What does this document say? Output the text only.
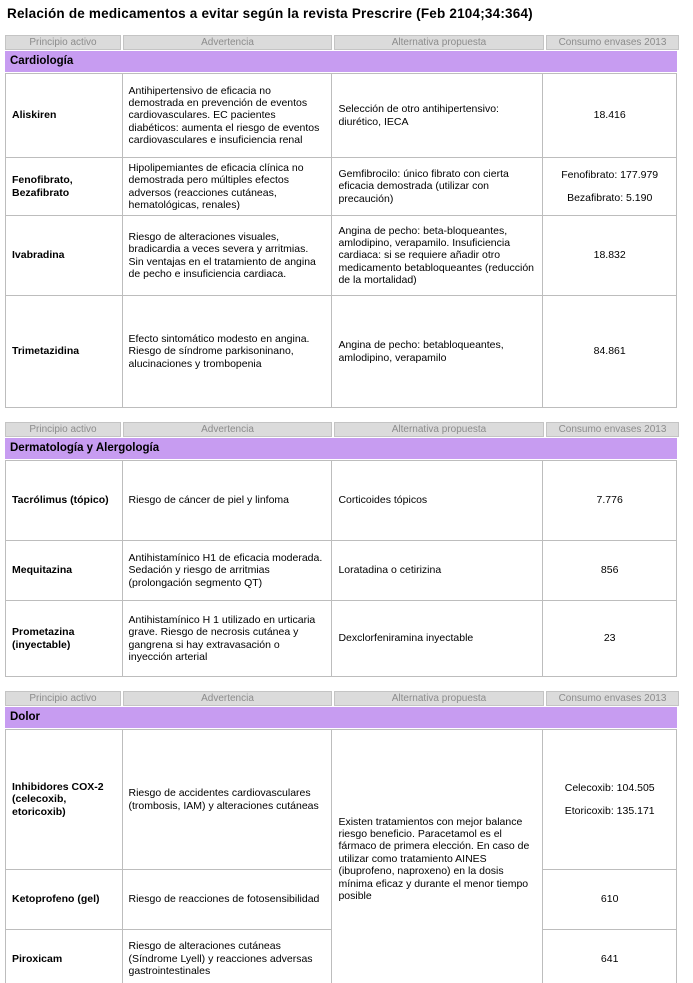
Relación de medicamentos a evitar según la revista Prescrire (Feb 2104;34:364)
Principio activo	Advertencia	Alternativa propuesta	Consumo envases 2013
Cardiología
Aliskiren	Antihipertensivo de eficacia no demostrada en prevención de eventos cardiovasculares. EC pacientes diabéticos: aumenta el riesgo de eventos cardiovasculares e insuficiencia renal	Selección de otro antihipertensivo: diurético, IECA	18.416

Fenofibrato, Bezafibrato	Hipolipemiantes de eficacia clínica no demostrada pero múltiples efectos adversos (reacciones cutáneas, hematológicas, renales)	Gemfibrocilo: único fibrato con cierta eficacia demostrada (utilizar con precaución)	Fenofibrato: 177.979
Bezafibrato: 5.190

Ivabradina	Riesgo de alteraciones visuales, bradicardia a veces severa y arritmias. Sin ventajas en el tratamiento de angina de pecho e insuficiencia cardiaca.	Angina de pecho: beta-bloqueantes, amlodipino, verapamilo. Insuficiencia cardiaca: si se requiere añadir otro medicamento betabloqueantes (reducción de la mortalidad)	18.832

Trimetazidina	Efecto sintomático modesto en angina. Riesgo de síndrome parkisoninano, alucinaciones y trombopenia	Angina de pecho: betabloqueantes, amlodipino, verapamilo	84.861
Principio activo	Advertencia	Alternativa propuesta	Consumo envases 2013
Dermatología y Alergología
Tacrólimus (tópico)	Riesgo de cáncer de piel y linfoma	Corticoides tópicos	7.776

Mequitazina	Antihistamínico H1 de eficacia moderada. Sedación y riesgo de arritmias (prolongación segmento QT)	Loratadina o cetirizina	856

Prometazina (inyectable)	Antihistamínico H 1 utilizado en urticaria grave. Riesgo de necrosis cutánea y gangrena si hay extravasación o inyección arterial	Dexclorfeniramina inyectable	23
Principio activo	Advertencia	Alternativa propuesta	Consumo envases 2013
Dolor
Inhibidores COX-2 (celecoxib, etoricoxib)	Riesgo de accidentes cardiovasculares (trombosis, IAM) y alteraciones cutáneas	Existen tratamientos con mejor balance riesgo beneficio. Paracetamol es el fármaco de primera elección. En caso de utilizar como tratamiento AINES (ibuprofeno, naproxeno) en la dosis mínima eficaz y durante el menor tiempo posible	Celecoxib: 104.505
Etoricoxib: 135.171

Ketoprofeno (gel)	Riesgo de reacciones de fotosensibilidad		610

Piroxicam	Riesgo de alteraciones cutáneas (Síndrome Lyell) y reacciones adversas gastrointestinales		641
